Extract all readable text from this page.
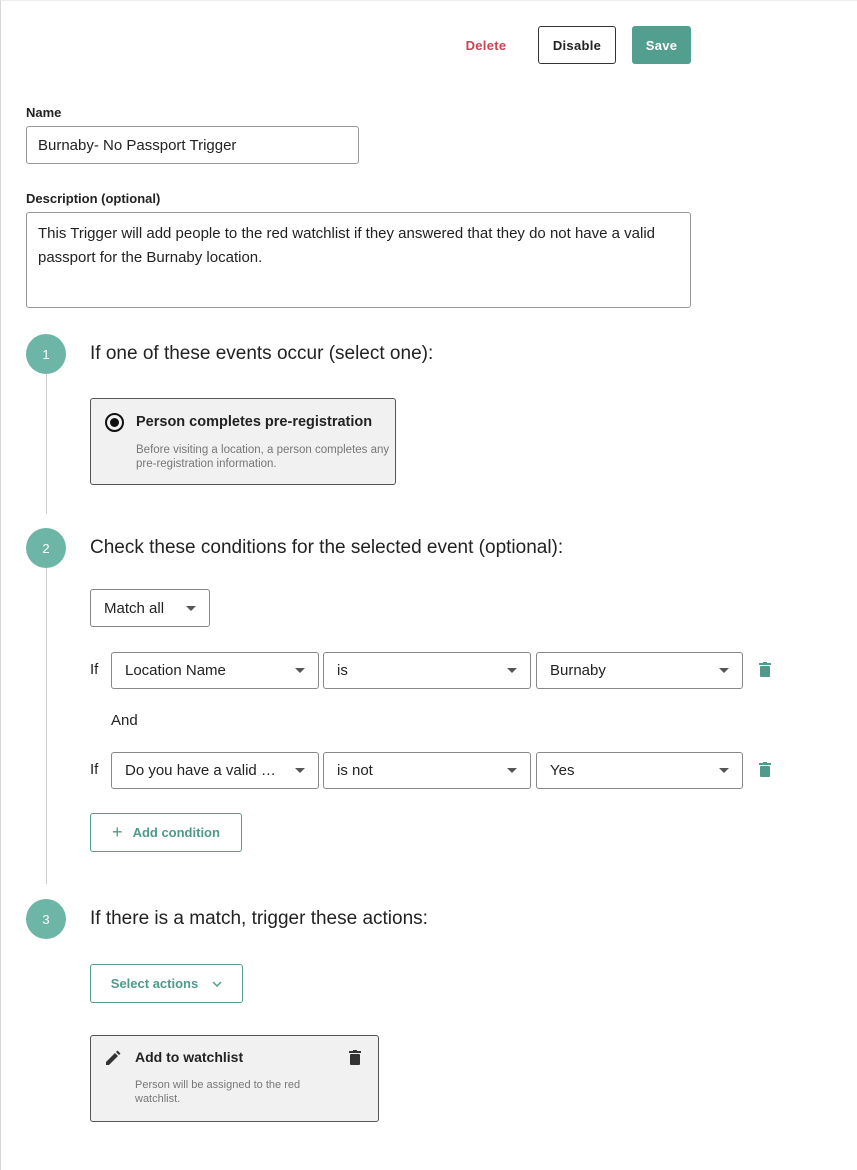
Delete	Disable	Save
Name
Burnaby- No Passport Trigger
Description (optional)
This Trigger will add people to the red watchlist if they answered that they do not have a valid passport for the Burnaby location.
1	If one of these events occur (select one):
Person completes pre-registration
Before visiting a location, a person completes any pre-registration information.
2	Check these conditions for the selected event (optional):
Match all
If Location Name	is	Burnaby
And
If Do you have a valid …	is not	Yes
+ Add condition
3	If there is a match, trigger these actions:
Select actions
Add to watchlist
Person will be assigned to the red watchlist.
